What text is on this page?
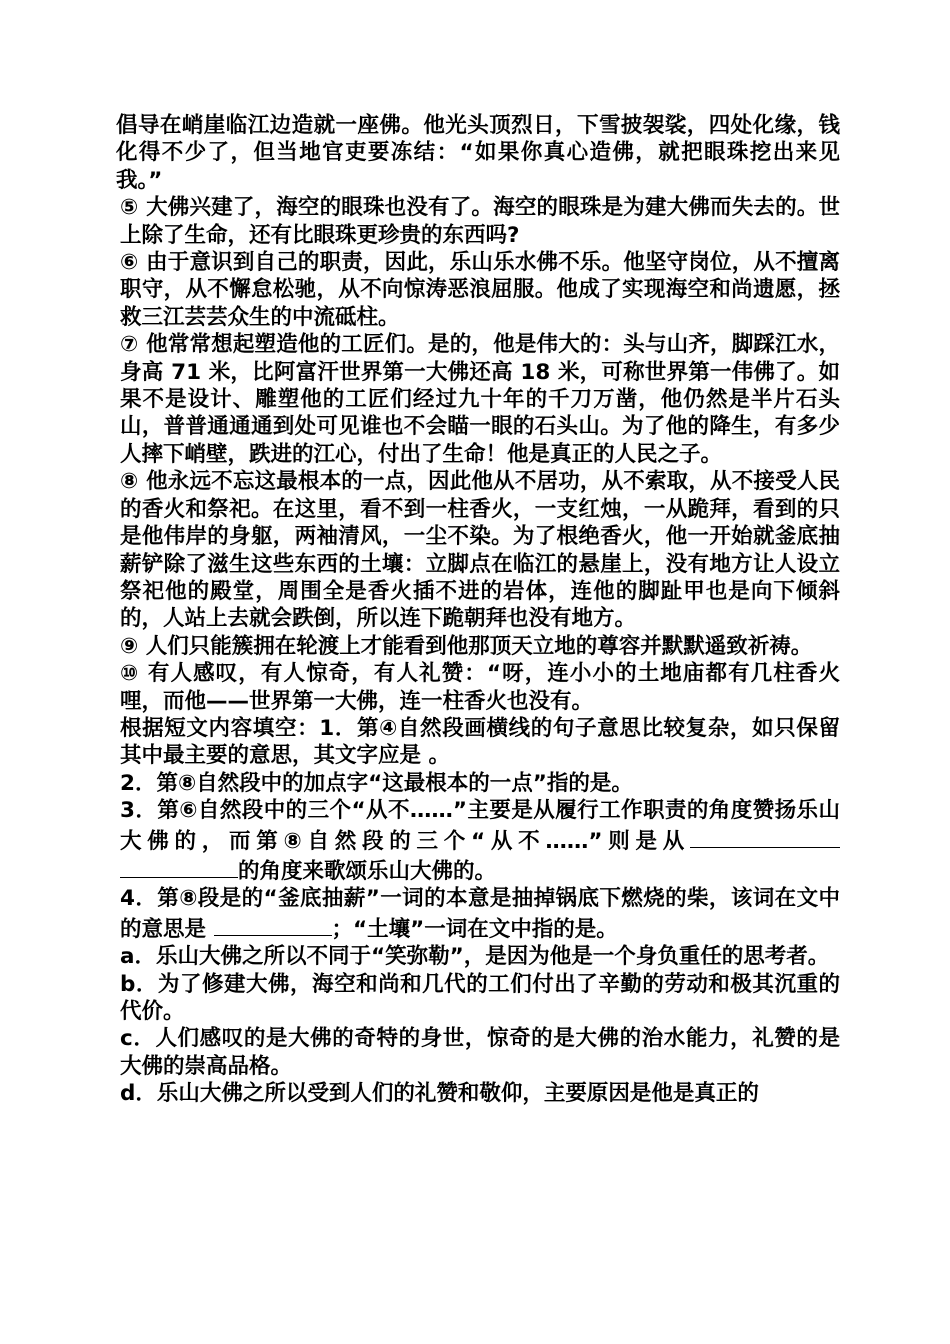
倡导在峭崖临江边造就一座佛。他光头顶烈日，下雪披袈裟，四处化缘，钱化得不少了，但当地官吏要冻结：“如果你真心造佛，就把眼珠挖出来见我。”

⑤ 大佛兴建了，海空的眼珠也没有了。海空的眼珠是为建大佛而失去的。世上除了生命，还有比眼珠更珍贵的东西吗?

⑥ 由于意识到自己的职责，因此，乐山乐水佛不乐。他坚守岗位，从不擅离职守，从不懈怠松驰，从不向惊涛恶浪屈服。他成了实现海空和尚遗愿，拯救三江芸芸众生的中流砥柱。

⑦ 他常常想起塑造他的工匠们。是的，他是伟大的：头与山齐，脚踩江水，身高 71 米，比阿富汗世界第一大佛还高 18 米，可称世界第一伟佛了。如果不是设计、雕塑他的工匠们经过九十年的千刀万凿，他仍然是半片石头山，普普通通通到处可见谁也不会瞄一眼的石头山。为了他的降生，有多少人摔下峭壁，跌进的江心，付出了生命！他是真正的人民之子。

⑧ 他永远不忘这最根本的一点，因此他从不居功，从不索取，从不接受人民的香火和祭祀。在这里，看不到一柱香火，一支红烛，一从跪拜，看到的只是他伟岸的身躯，两袖清风，一尘不染。为了根绝香火，他一开始就釜底抽薪铲除了滋生这些东西的土壤：立脚点在临江的悬崖上，没有地方让人设立祭祀他的殿堂，周围全是香火插不进的岩体，连他的脚趾甲也是向下倾斜的，人站上去就会跌倒，所以连下跪朝拜也没有地方。

⑨ 人们只能簇拥在轮渡上才能看到他那顶天立地的尊容并默默遥致祈祷。

⑩ 有人感叹，有人惊奇，有人礼赞：“呀，连小小的土地庙都有几柱香火哩，而他——世界第一大佛，连一柱香火也没有。

根据短文内容填空：1．第④自然段画横线的句子意思比较复杂，如只保留其中最主要的意思，其文字应是 。

2．第⑧自然段中的加点字“这最根本的一点”指的是。

3．第⑥自然段中的三个“从不……”主要是从履行工作职责的角度赞扬乐山大佛的，而第⑧自然段的三个“从不……”则是从的角度来歌颂乐山大佛的。

4．第⑧段是的“釜底抽薪”一词的本意是抽掉锅底下燃烧的柴，该词在文中的意思是	；“土壤”一词在文中指的是。

a．乐山大佛之所以不同于“笑弥勒”，是因为他是一个身负重任的思考者。

b．为了修建大佛，海空和尚和几代的工们付出了辛勤的劳动和极其沉重的代价。

c．人们感叹的是大佛的奇特的身世，惊奇的是大佛的治水能力，礼赞的是大佛的崇高品格。

d．乐山大佛之所以受到人们的礼赞和敬仰，主要原因是他是真正的
